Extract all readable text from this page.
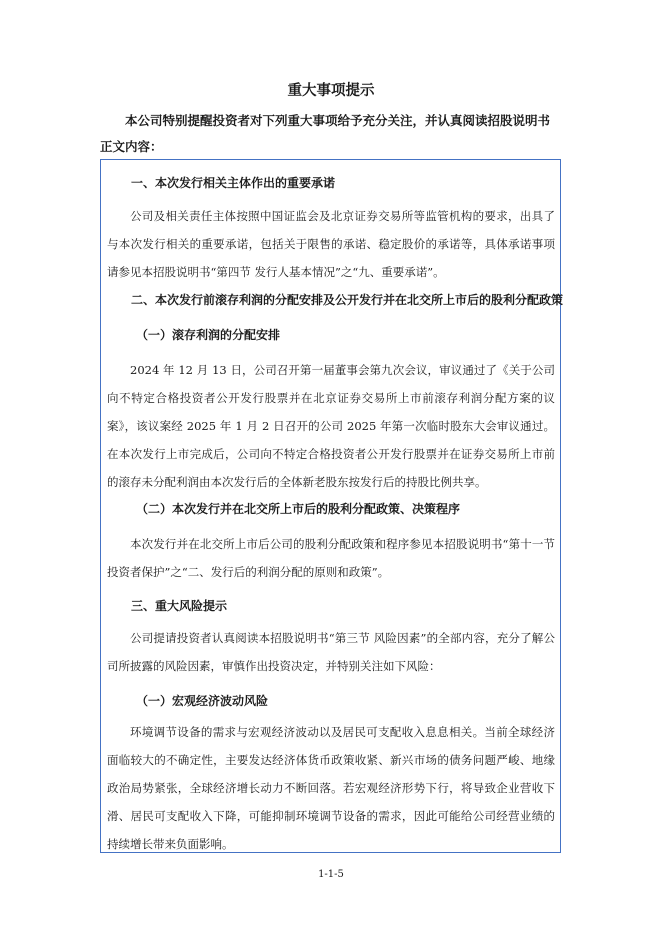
重大事项提示
本公司特别提醒投资者对下列重大事项给予充分关注，并认真阅读招股说明书正文内容：
一、本次发行相关主体作出的重要承诺
公司及相关责任主体按照中国证监会及北京证券交易所等监管机构的要求，出具了与本次发行相关的重要承诺，包括关于限售的承诺、稳定股价的承诺等，具体承诺事项请参见本招股说明书“第四节 发行人基本情况”之“九、重要承诺”。
二、本次发行前滚存利润的分配安排及公开发行并在北交所上市后的股利分配政策
（一）滚存利润的分配安排
2024 年 12 月 13 日，公司召开第一届董事会第九次会议，审议通过了《关于公司向不特定合格投资者公开发行股票并在北京证券交易所上市前滚存利润分配方案的议案》，该议案经 2025 年 1 月 2 日召开的公司 2025 年第一次临时股东大会审议通过。在本次发行上市完成后，公司向不特定合格投资者公开发行股票并在证券交易所上市前的滚存未分配利润由本次发行后的全体新老股东按发行后的持股比例共享。
（二）本次发行并在北交所上市后的股利分配政策、决策程序
本次发行并在北交所上市后公司的股利分配政策和程序参见本招股说明书“第十一节 投资者保护”之“二、发行后的利润分配的原则和政策”。
三、重大风险提示
公司提请投资者认真阅读本招股说明书“第三节 风险因素”的全部内容，充分了解公司所披露的风险因素，审慎作出投资决定，并特别关注如下风险：
（一）宏观经济波动风险
环境调节设备的需求与宏观经济波动以及居民可支配收入息息相关。当前全球经济面临较大的不确定性，主要发达经济体货币政策收紧、新兴市场的债务问题严峻、地缘政治局势紧张，全球经济增长动力不断回落。若宏观经济形势下行，将导致企业营收下滑、居民可支配收入下降，可能抑制环境调节设备的需求，因此可能给公司经营业绩的持续增长带来负面影响。
1-1-5
